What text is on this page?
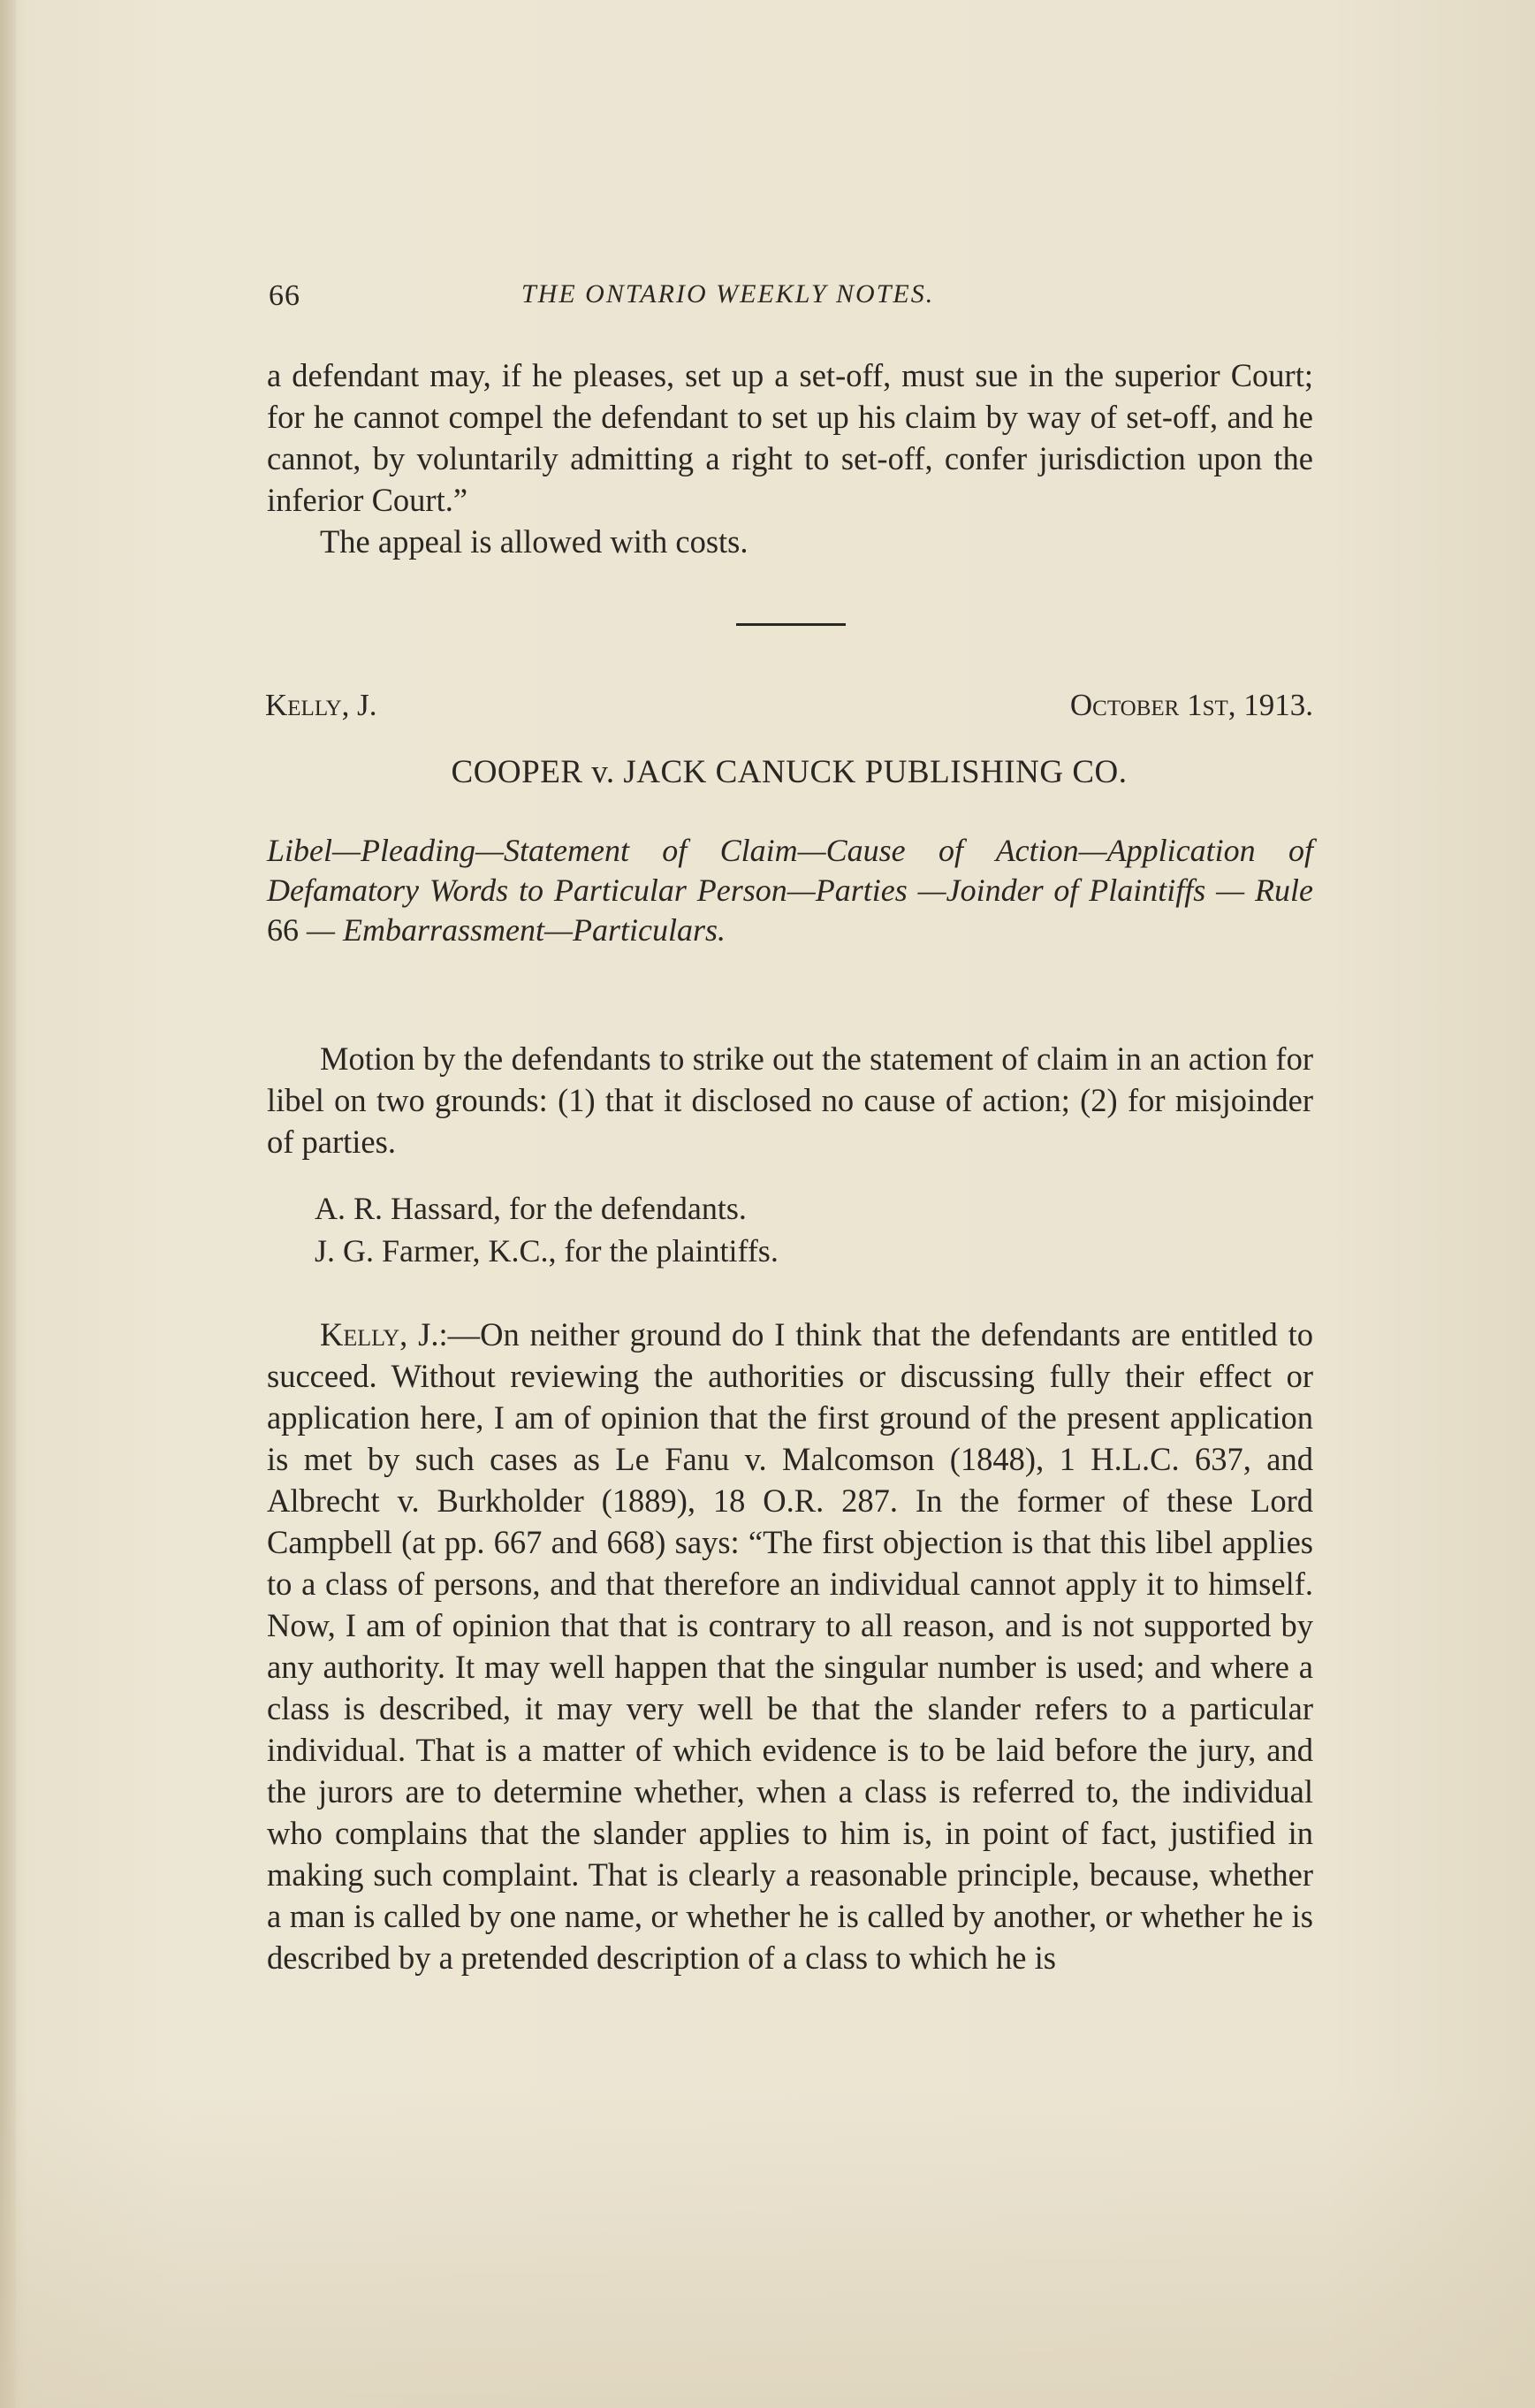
66	THE ONTARIO WEEKLY NOTES.

a defendant may, if he pleases, set up a set-off, must sue in the superior Court; for he cannot compel the defendant to set up his claim by way of set-off, and he cannot, by voluntarily admitting a right to set-off, confer jurisdiction upon the inferior Court.”

The appeal is allowed with costs.

Kelly, J.	October 1st, 1913.
COOPER v. JACK CANUCK PUBLISHING CO.
Libel—Pleading—Statement of Claim—Cause of Action—Application of Defamatory Words to Particular Person—Parties —Joinder of Plaintiffs — Rule 66 — Embarrassment—Particulars.

Motion by the defendants to strike out the statement of claim in an action for libel on two grounds: (1) that it disclosed no cause of action; (2) for misjoinder of parties.

A. R. Hassard, for the defendants.

J. G. Farmer, K.C., for the plaintiffs.

Kelly, J.:—On neither ground do I think that the defendants are entitled to succeed. Without reviewing the authorities or discussing fully their effect or application here, I am of opinion that the first ground of the present application is met by such cases as Le Fanu v. Malcomson (1848), 1 H.L.C. 637, and Albrecht v. Burkholder (1889), 18 O.R. 287. In the former of these Lord Campbell (at pp. 667 and 668) says: “The first objection is that this libel applies to a class of persons, and that therefore an individual cannot apply it to himself. Now, I am of opinion that that is contrary to all reason, and is not supported by any authority. It may well happen that the singular number is used; and where a class is described, it may very well be that the slander refers to a particular individual. That is a matter of which evidence is to be laid before the jury, and the jurors are to determine whether, when a class is referred to, the individual who complains that the slander applies to him is, in point of fact, justified in making such complaint. That is clearly a reasonable principle, because, whether a man is called by one name, or whether he is called by another, or whether he is described by a pretended description of a class to which he is
